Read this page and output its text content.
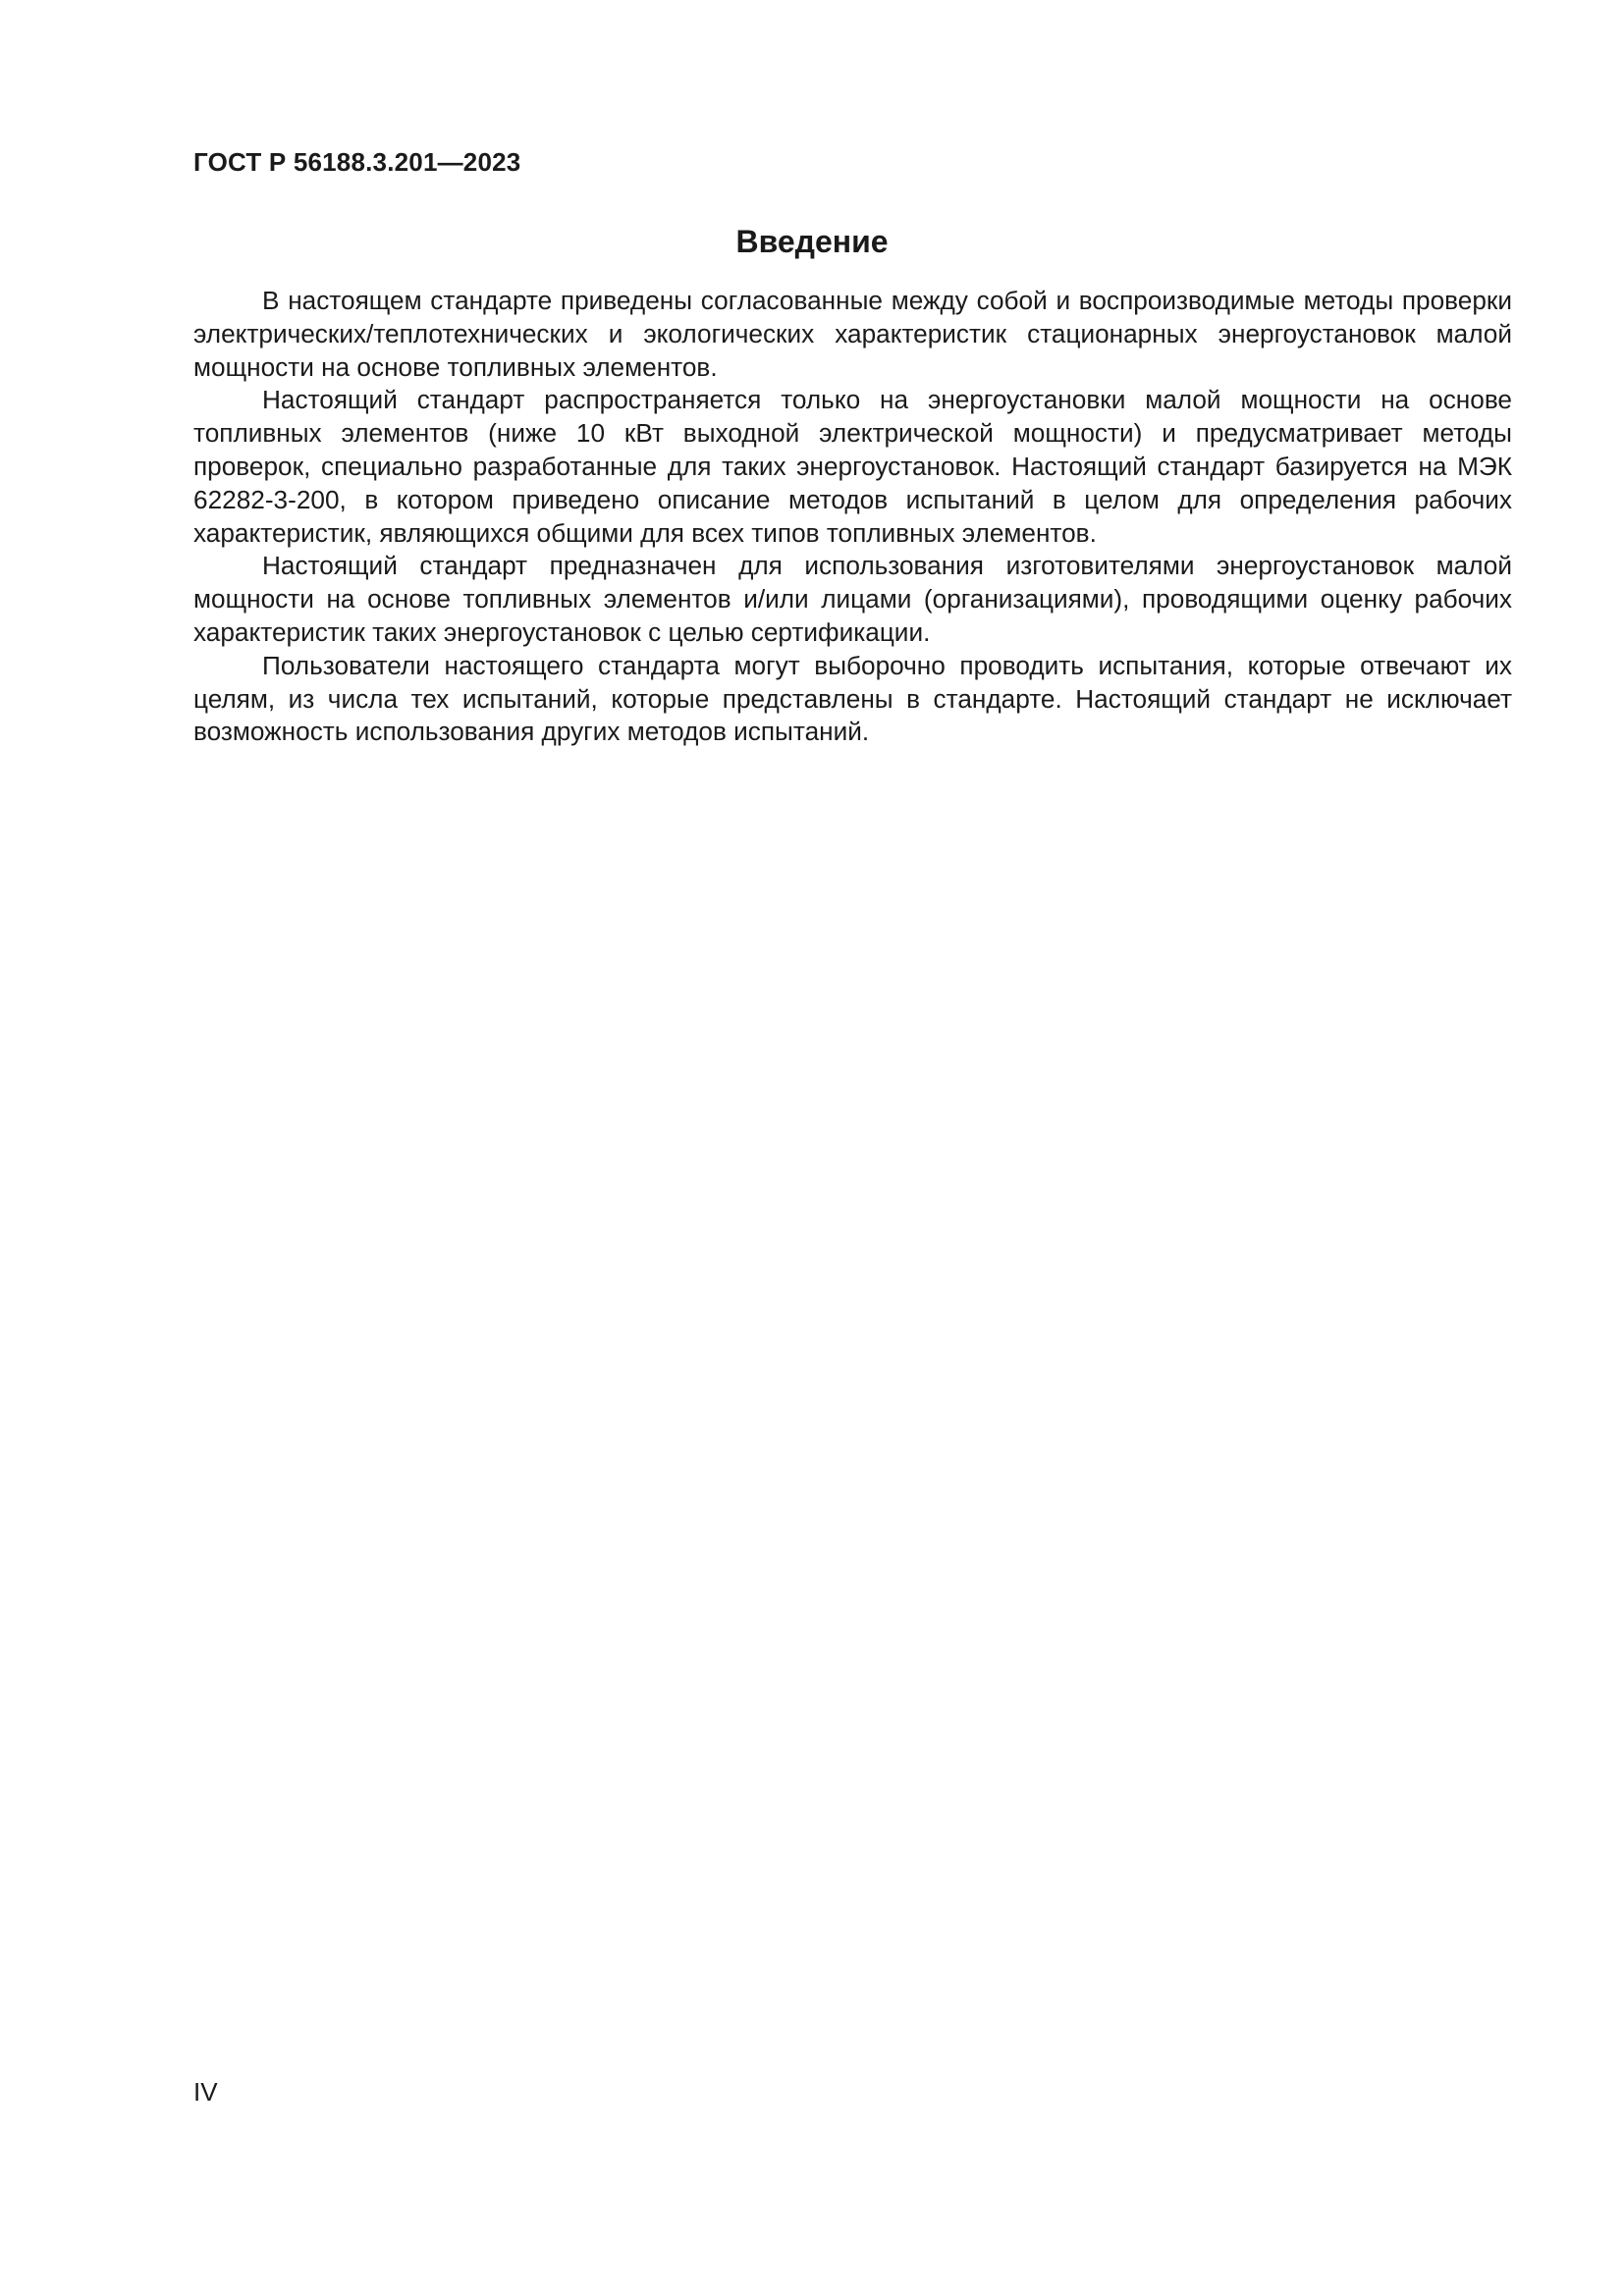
ГОСТ Р 56188.3.201—2023
Введение

В настоящем стандарте приведены согласованные между собой и воспроизводимые методы проверки электрических/теплотехнических и экологических характеристик стационарных энергоустановок малой мощности на основе топливных элементов.

Настоящий стандарт распространяется только на энергоустановки малой мощности на основе топливных элементов (ниже 10 кВт выходной электрической мощности) и предусматривает методы проверок, специально разработанные для таких энергоустановок. Настоящий стандарт базируется на МЭК 62282-3-200, в котором приведено описание методов испытаний в целом для определения рабочих характеристик, являющихся общими для всех типов топливных элементов.

Настоящий стандарт предназначен для использования изготовителями энергоустановок малой мощности на основе топливных элементов и/или лицами (организациями), проводящими оценку рабочих характеристик таких энергоустановок с целью сертификации.

Пользователи настоящего стандарта могут выборочно проводить испытания, которые отвечают их целям, из числа тех испытаний, которые представлены в стандарте. Настоящий стандарт не исключает возможность использования других методов испытаний.

IV
